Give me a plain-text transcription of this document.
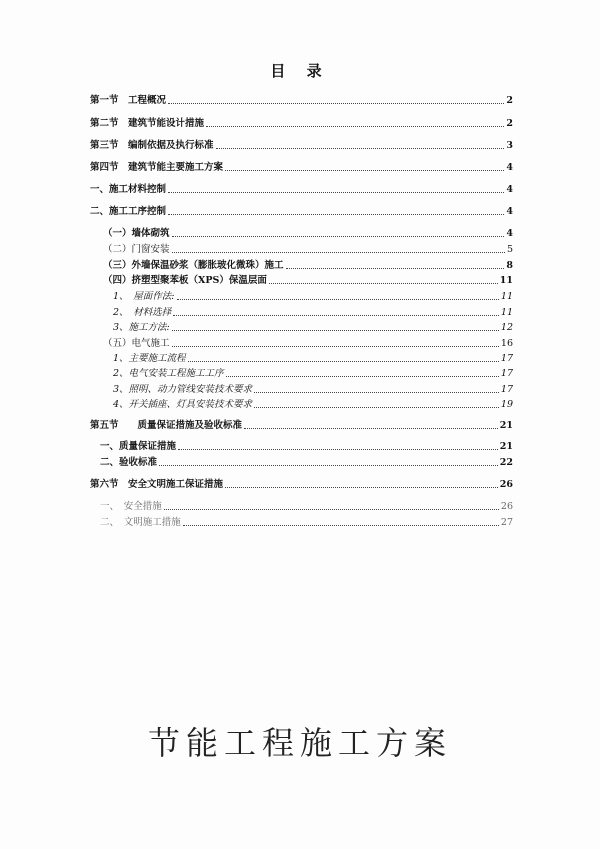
目 录
第一节　工程概况	2
第二节　建筑节能设计措施	2
第三节　编制依据及执行标准	3
第四节　建筑节能主要施工方案	4
一、施工材料控制	4
二、施工工序控制	4
（一）墙体砌筑	4
（二）门窗安装	5
（三）外墙保温砂浆（膨胀玻化微珠）施工	8
（四）挤塑型聚苯板（XPS）保温层面	11
1、　屋面作法:	11
2、　材料选择	11
3、施工方法:	12
（五）电气施工	16
1、主要施工流程	17
2、电气安装工程施工工序	17
3、照明、动力管线安装技术要求	17
4、开关插座、灯具安装技术要求	19
第五节　　质量保证措施及验收标准	21
一、质量保证措施	21
二、验收标准	22
第六节　安全文明施工保证措施	26
一、　安全措施	26
二、　文明施工措施	27
节能工程施工方案
